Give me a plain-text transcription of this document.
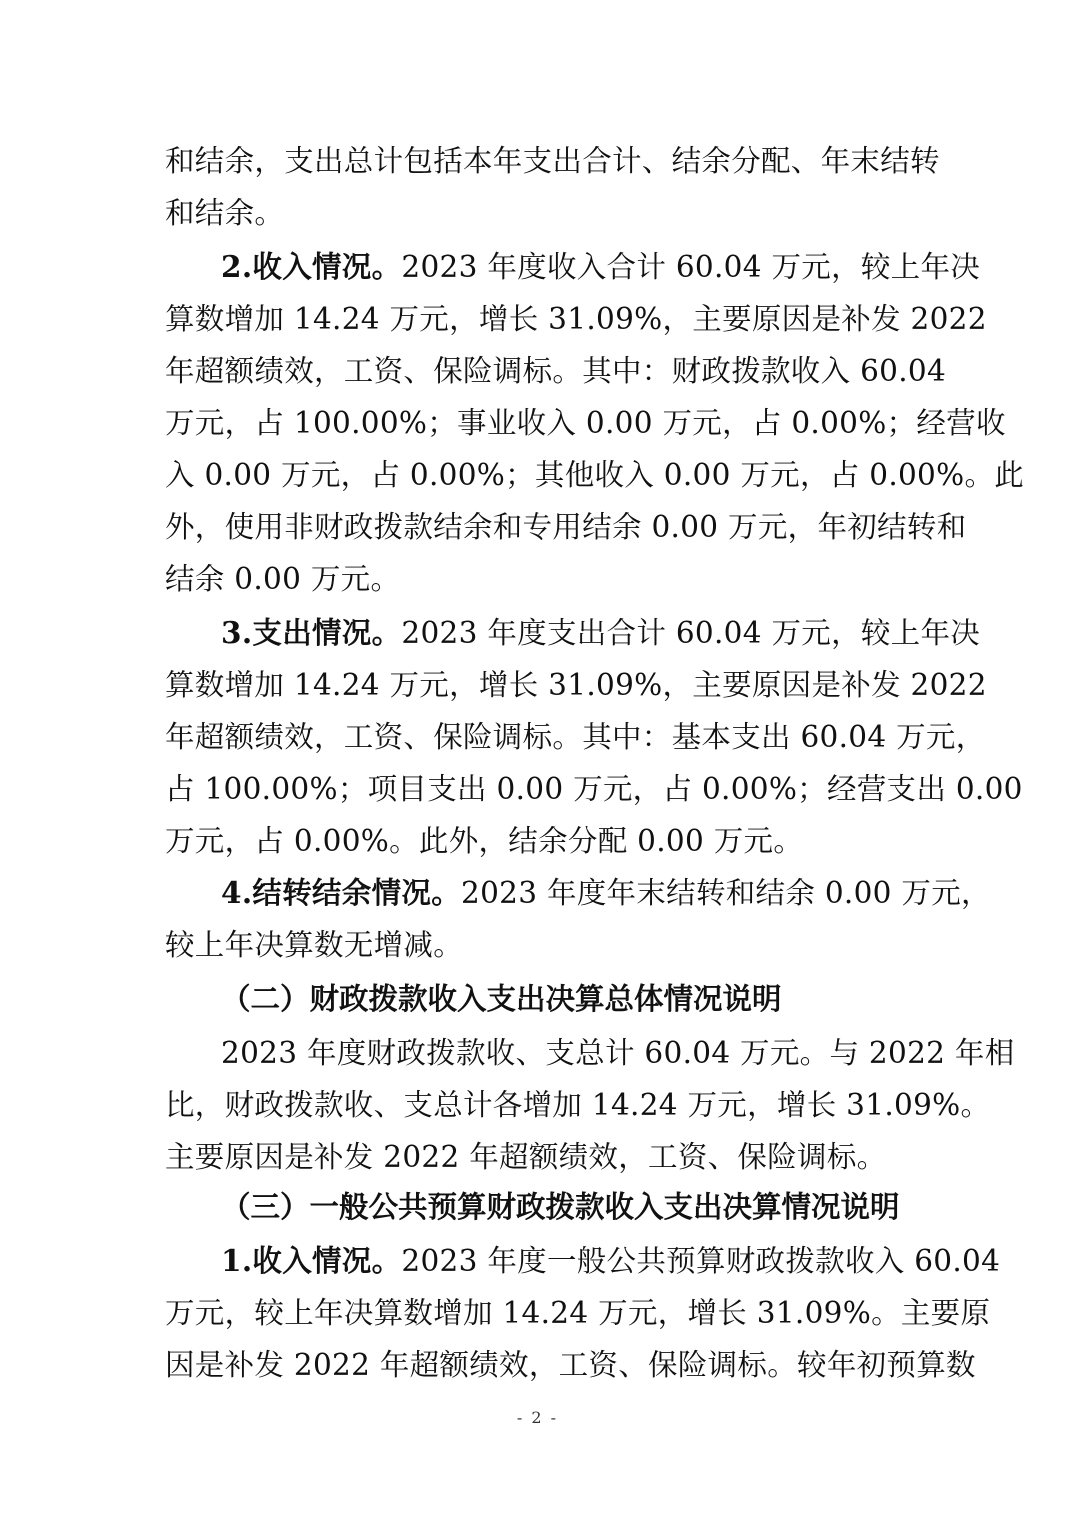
和结余，支出总计包括本年支出合计、结余分配、年末结转
和结余。
2.收入情况。2023 年度收入合计 60.04 万元，较上年决
算数增加 14.24 万元，增长 31.09%，主要原因是补发 2022
年超额绩效，工资、保险调标。其中：财政拨款收入 60.04
万元，占 100.00%；事业收入 0.00 万元，占 0.00%；经营收
入 0.00 万元，占 0.00%；其他收入 0.00 万元，占 0.00%。此
外，使用非财政拨款结余和专用结余 0.00 万元，年初结转和
结余 0.00 万元。
3.支出情况。2023 年度支出合计 60.04 万元，较上年决
算数增加 14.24 万元，增长 31.09%，主要原因是补发 2022
年超额绩效，工资、保险调标。其中：基本支出 60.04 万元，
占 100.00%；项目支出 0.00 万元，占 0.00%；经营支出 0.00
万元，占 0.00%。此外，结余分配 0.00 万元。
4.结转结余情况。2023 年度年末结转和结余 0.00 万元，
较上年决算数无增减。
（二）财政拨款收入支出决算总体情况说明
2023 年度财政拨款收、支总计 60.04 万元。与 2022 年相
比，财政拨款收、支总计各增加 14.24 万元，增长 31.09%。
主要原因是补发 2022 年超额绩效，工资、保险调标。
（三）一般公共预算财政拨款收入支出决算情况说明
1.收入情况。2023 年度一般公共预算财政拨款收入 60.04
万元，较上年决算数增加 14.24 万元，增长 31.09%。主要原
因是补发 2022 年超额绩效，工资、保险调标。较年初预算数
- 2 -
